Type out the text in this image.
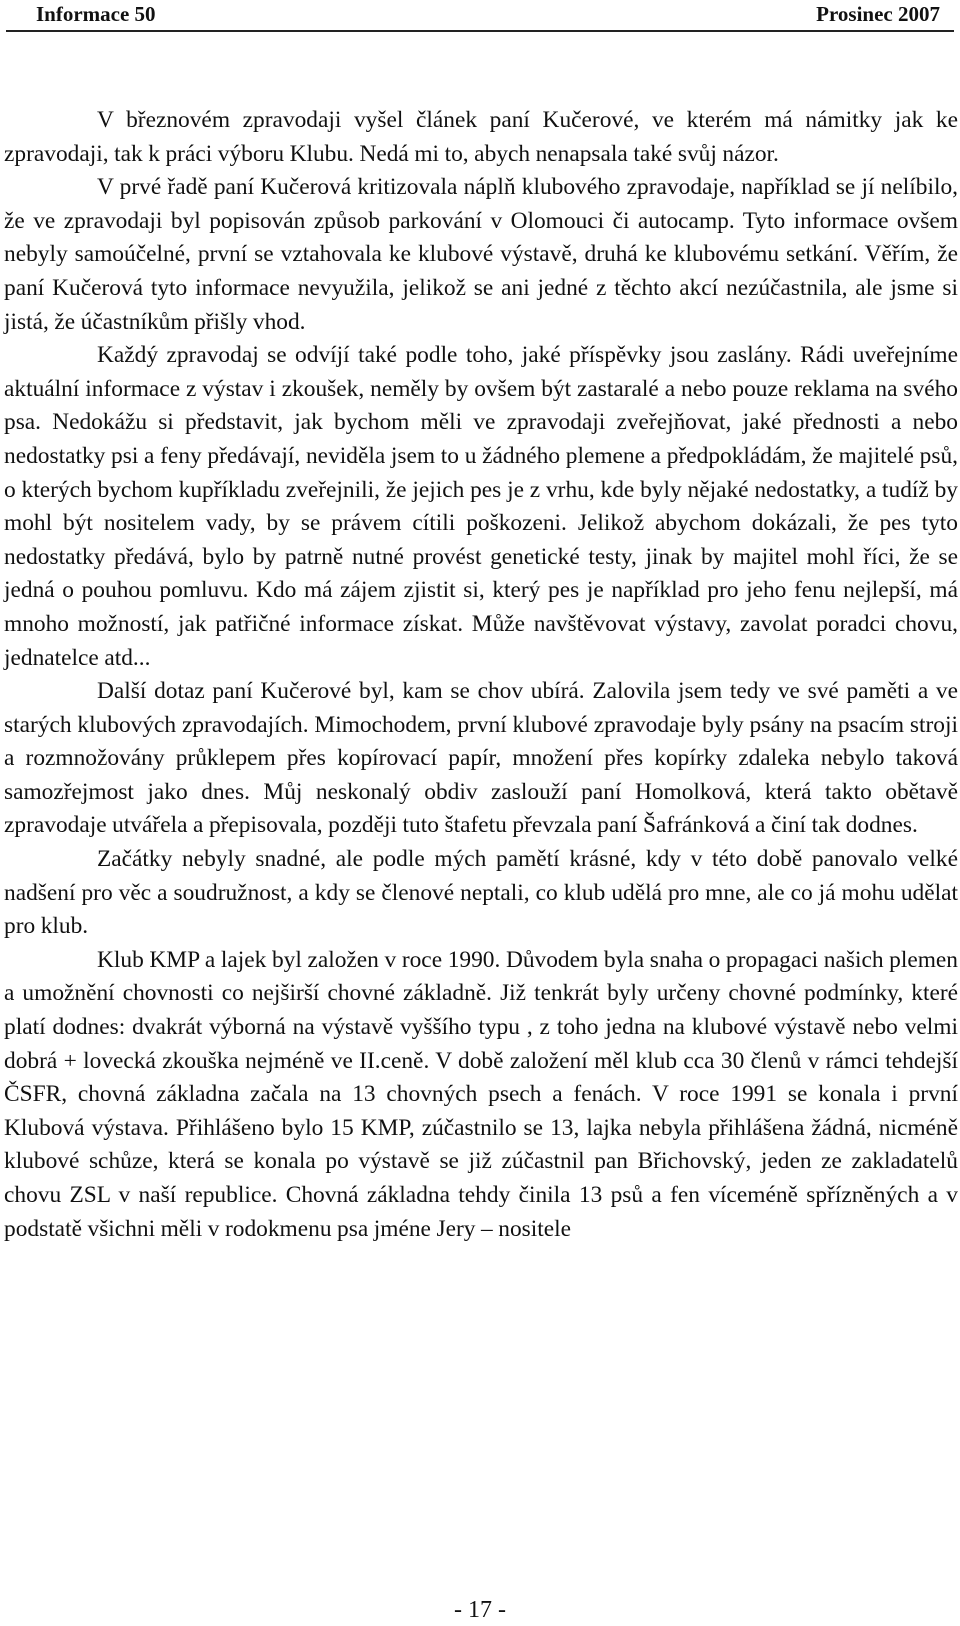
Informace 50	Prosinec 2007

V březnovém zpravodaji vyšel článek paní Kučerové, ve kterém má námitky jak ke zpravodaji, tak k práci výboru Klubu. Nedá mi to, abych nenapsala také svůj názor.

V prvé řadě paní Kučerová kritizovala náplň klubového zpravodaje, například se jí nelíbilo, že ve zpravodaji byl popisován způsob parkování v Olomouci či autocamp. Tyto informace ovšem nebyly samoúčelné, první se vztahovala ke klubové výstavě, druhá ke klubovému setkání. Věřím, že paní Kučerová tyto informace nevyužila, jelikož se ani jedné z těchto akcí nezúčastnila, ale jsme si jistá, že účastníkům přišly vhod.

Každý zpravodaj se odvíjí také podle toho, jaké příspěvky jsou zaslány. Rádi uveřejníme aktuální informace z výstav i zkoušek, neměly by ovšem být zastaralé a nebo pouze reklama na svého psa. Nedokážu si představit, jak bychom měli ve zpravodaji zveřejňovat, jaké přednosti a nebo nedostatky psi a feny předávají, neviděla jsem to u žádného plemene a předpokládám, že majitelé psů, o kterých bychom kupříkladu zveřejnili, že jejich pes je z vrhu, kde byly nějaké nedostatky, a tudíž by mohl být nositelem vady, by se právem cítili poškozeni. Jelikož abychom dokázali, že pes tyto nedostatky předává, bylo by patrně nutné provést genetické testy, jinak by majitel mohl říci, že se jedná o pouhou pomluvu. Kdo má zájem zjistit si, který pes je například pro jeho fenu nejlepší, má mnoho možností, jak patřičné informace získat. Může navštěvovat výstavy, zavolat poradci chovu, jednatelce atd...

Další dotaz paní Kučerové byl, kam se chov ubírá. Zalovila jsem tedy ve své paměti a ve starých klubových zpravodajích. Mimochodem, první klubové zpravodaje byly psány na psacím stroji a rozmnožovány průklepem přes kopírovací papír, množení přes kopírky zdaleka nebylo taková samozřejmost jako dnes. Můj neskonalý obdiv zaslouží paní Homolková, která takto obětavě zpravodaje utvářela a přepisovala, později tuto štafetu převzala paní Šafránková a činí tak dodnes.

Začátky nebyly snadné, ale podle mých pamětí krásné, kdy v této době panovalo velké nadšení pro věc a soudružnost, a kdy se členové neptali, co klub udělá pro mne, ale co já mohu udělat pro klub.

Klub KMP a lajek byl založen v roce 1990. Důvodem byla snaha o propagaci našich plemen a umožnění chovnosti co nejširší chovné základně. Již tenkrát byly určeny chovné podmínky, které platí dodnes: dvakrát výborná na výstavě vyššího typu , z toho jedna na klubové výstavě nebo velmi dobrá + lovecká zkouška nejméně ve II.ceně. V době založení měl klub cca 30 členů v rámci tehdejší ČSFR, chovná základna začala na 13 chovných psech a fenách. V roce 1991 se konala i první Klubová výstava. Přihlášeno bylo 15 KMP, zúčastnilo se 13, lajka nebyla přihlášena žádná, nicméně klubové schůze, která se konala po výstavě se již zúčastnil pan Břichovský, jeden ze zakladatelů chovu ZSL v naší republice. Chovná základna tehdy činila 13 psů a fen víceméně spřízněných a v podstatě všichni měli v rodokmenu psa jméne Jery – nositele

- 17 -
